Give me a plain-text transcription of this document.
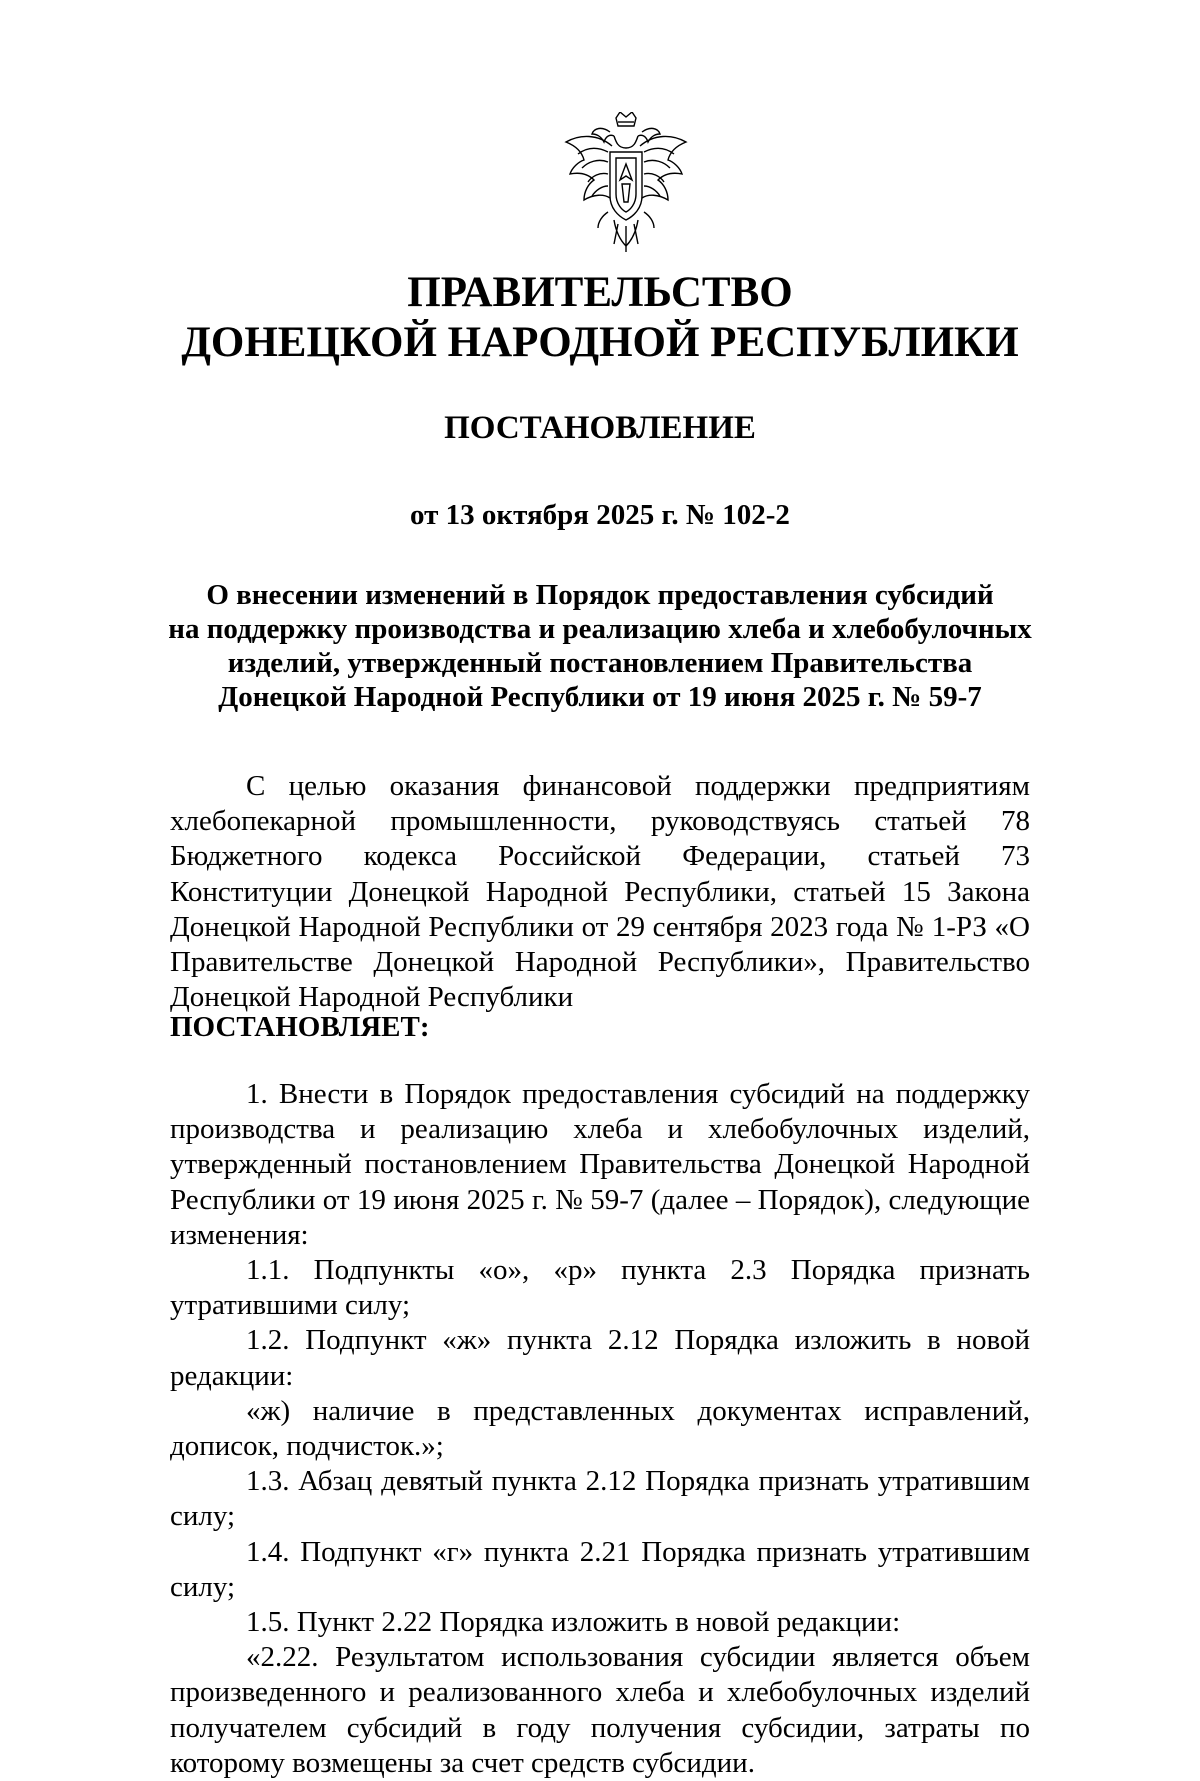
ПРАВИТЕЛЬСТВО
ДОНЕЦКОЙ НАРОДНОЙ РЕСПУБЛИКИ
ПОСТАНОВЛЕНИЕ
от 13 октября 2025 г. № 102-2
О внесении изменений в Порядок предоставления субсидий
на поддержку производства и реализацию хлеба и хлебобулочных
изделий, утвержденный постановлением Правительства
Донецкой Народной Республики от 19 июня 2025 г. № 59-7

С целью оказания финансовой поддержки предприятиям хлебопекарной промышленности, руководствуясь статьей 78 Бюджетного кодекса Российской Федерации, статьей 73 Конституции Донецкой Народной Республики, статьей 15 Закона Донецкой Народной Республики от 29 сентября 2023 года № 1-РЗ «О Правительстве Донецкой Народной Республики», Правительство Донецкой Народной Республики

ПОСТАНОВЛЯЕТ:

1. Внести в Порядок предоставления субсидий на поддержку производства и реализацию хлеба и хлебобулочных изделий, утвержденный постановлением Правительства Донецкой Народной Республики от 19 июня 2025 г. № 59-7 (далее – Порядок), следующие изменения:

1.1. Подпункты «о», «р» пункта 2.3 Порядка признать утратившими силу;

1.2. Подпункт «ж» пункта 2.12 Порядка изложить в новой редакции:

«ж) наличие в представленных документах исправлений, дописок, подчисток.»;

1.3. Абзац девятый пункта 2.12 Порядка признать утратившим силу;

1.4. Подпункт «г» пункта 2.21 Порядка признать утратившим силу;

1.5. Пункт 2.22 Порядка изложить в новой редакции:

«2.22. Результатом использования субсидии является объем произведенного и реализованного хлеба и хлебобулочных изделий получателем субсидий в году получения субсидии, затраты по которому возмещены за счет средств субсидии.
